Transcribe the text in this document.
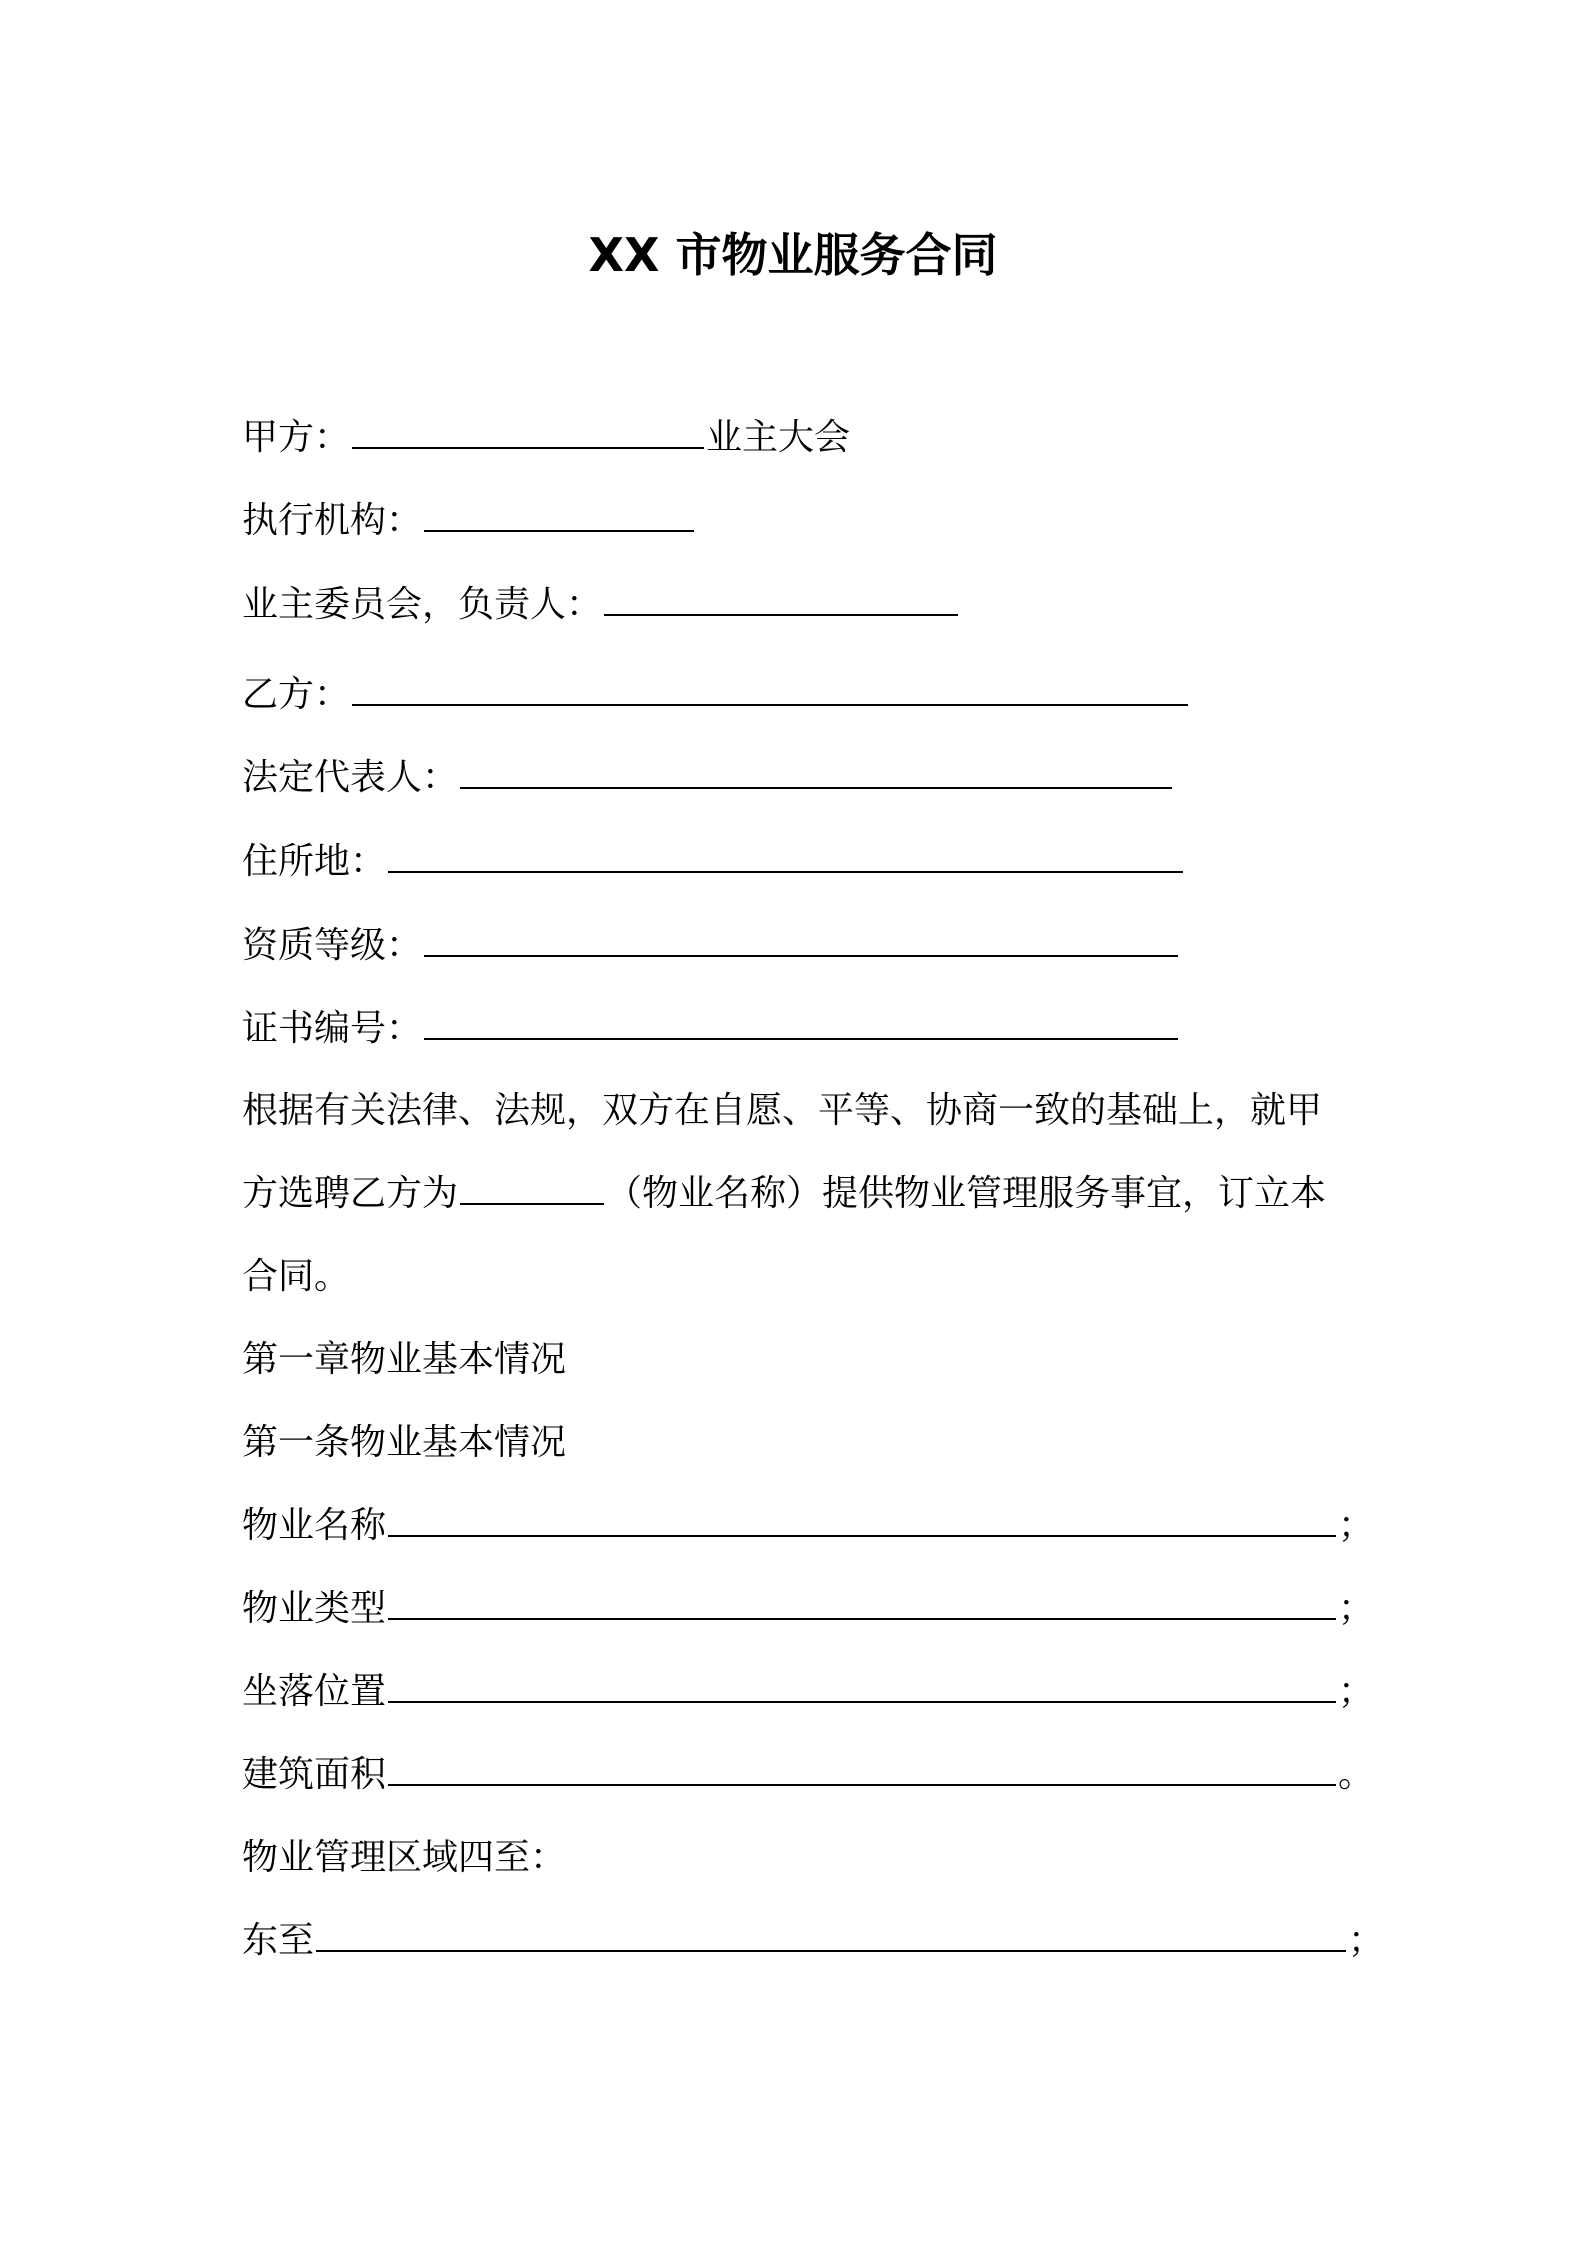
XX 市物业服务合同
甲方：	业主大会
执行机构：
业主委员会，负责人：
乙方：
法定代表人：
住所地：
资质等级：
证书编号：
根据有关法律、法规，双方在自愿、平等、协商一致的基础上，就甲
方选聘乙方为	（物业名称）提供物业管理服务事宜，订立本
合同。
第一章物业基本情况
第一条物业基本情况
物业名称	；
物业类型	；
坐落位置	；
建筑面积	。
物业管理区域四至：
东至	；
